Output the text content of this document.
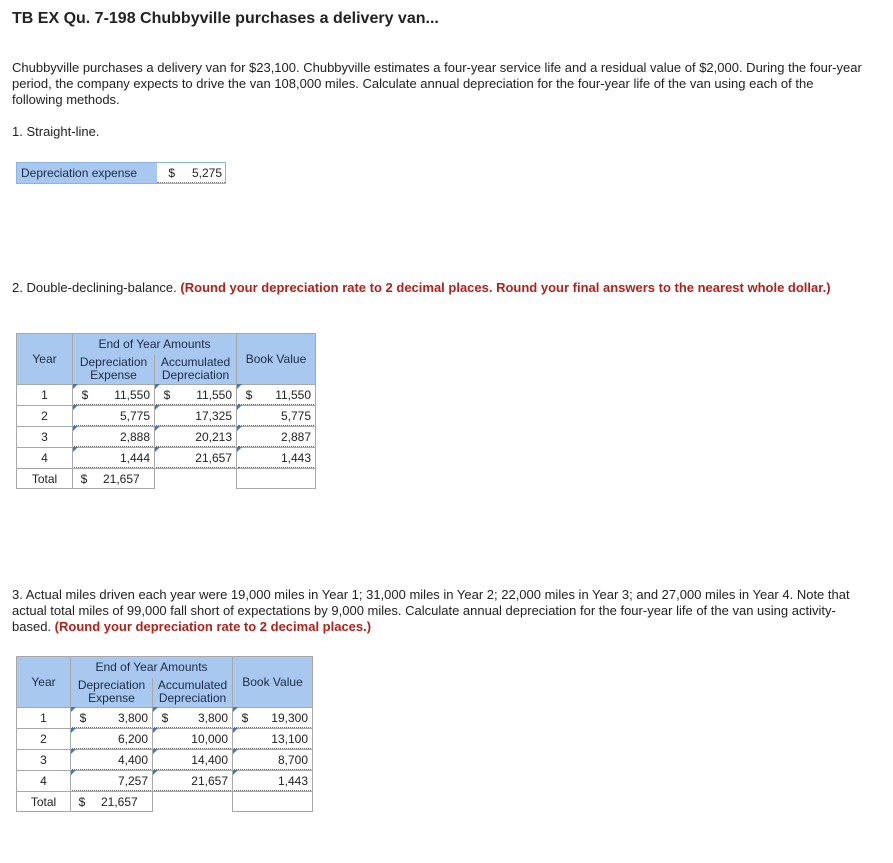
TB EX Qu. 7-198 Chubbyville purchases a delivery van...
Chubbyville purchases a delivery van for $23,100. Chubbyville estimates a four-year service life and a residual value of $2,000. During the four-year period, the company expects to drive the van 108,000 miles. Calculate annual depreciation for the four-year life of the van using each of the following methods.
1. Straight-line.
Depreciation expense	$	5,275
2. Double-declining-balance. (Round your depreciation rate to 2 decimal places. Round your final answers to the nearest whole dollar.)
Year	End of Year Amounts		Book Value
	Depreciation Expense	Accumulated Depreciation	
1	$ 11,550	$ 11,550	$ 11,550

2	5,775	17,325	5,775

3	2,888	20,213	2,887

4	1,444	21,657	1,443

Total	$ 21,657		

3. Actual miles driven each year were 19,000 miles in Year 1; 31,000 miles in Year 2; 22,000 miles in Year 3; and 27,000 miles in Year 4. Note that actual total miles of 99,000 fall short of expectations by 9,000 miles. Calculate annual depreciation for the four-year life of the van using activity-based. (Round your depreciation rate to 2 decimal places.)
Year	End of Year Amounts		Book Value
	Depreciation Expense	Accumulated Depreciation	
1	$ 3,800	$ 3,800	$ 19,300

2	6,200	10,000	13,100

3	4,400	14,400	8,700

4	7,257	21,657	1,443

Total	$ 21,657		
